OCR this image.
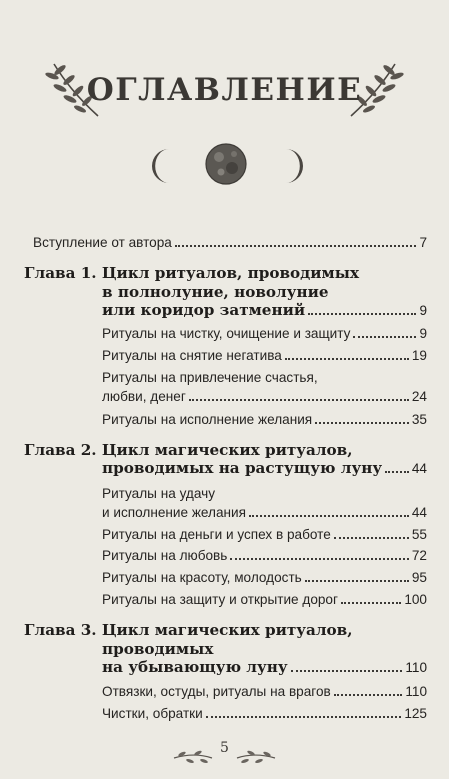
ОГЛАВЛЕНИЕ
Вступление от автора	7
Глава 1. Цикл ритуалов, проводимых
в полнолуние, новолуние
или коридор затмений	9
Ритуалы на чистку, очищение и защиту	9
Ритуалы на снятие негатива	19
Ритуалы на привлечение счастья,
любви, денег	24
Ритуалы на исполнение желания	35
Глава 2. Цикл магических ритуалов,
проводимых на растущую луну 44
Ритуалы на удачу
и исполнение желания	44
Ритуалы на деньги и успех в работе	55
Ритуалы на любовь	72
Ритуалы на красоту, молодость	95
Ритуалы на защиту и открытие дорог	100
Глава 3. Цикл магических ритуалов,
проводимых
на убывающую луну	110
Отвязки, остуды, ритуалы на врагов	110
Чистки, обратки	125
5
